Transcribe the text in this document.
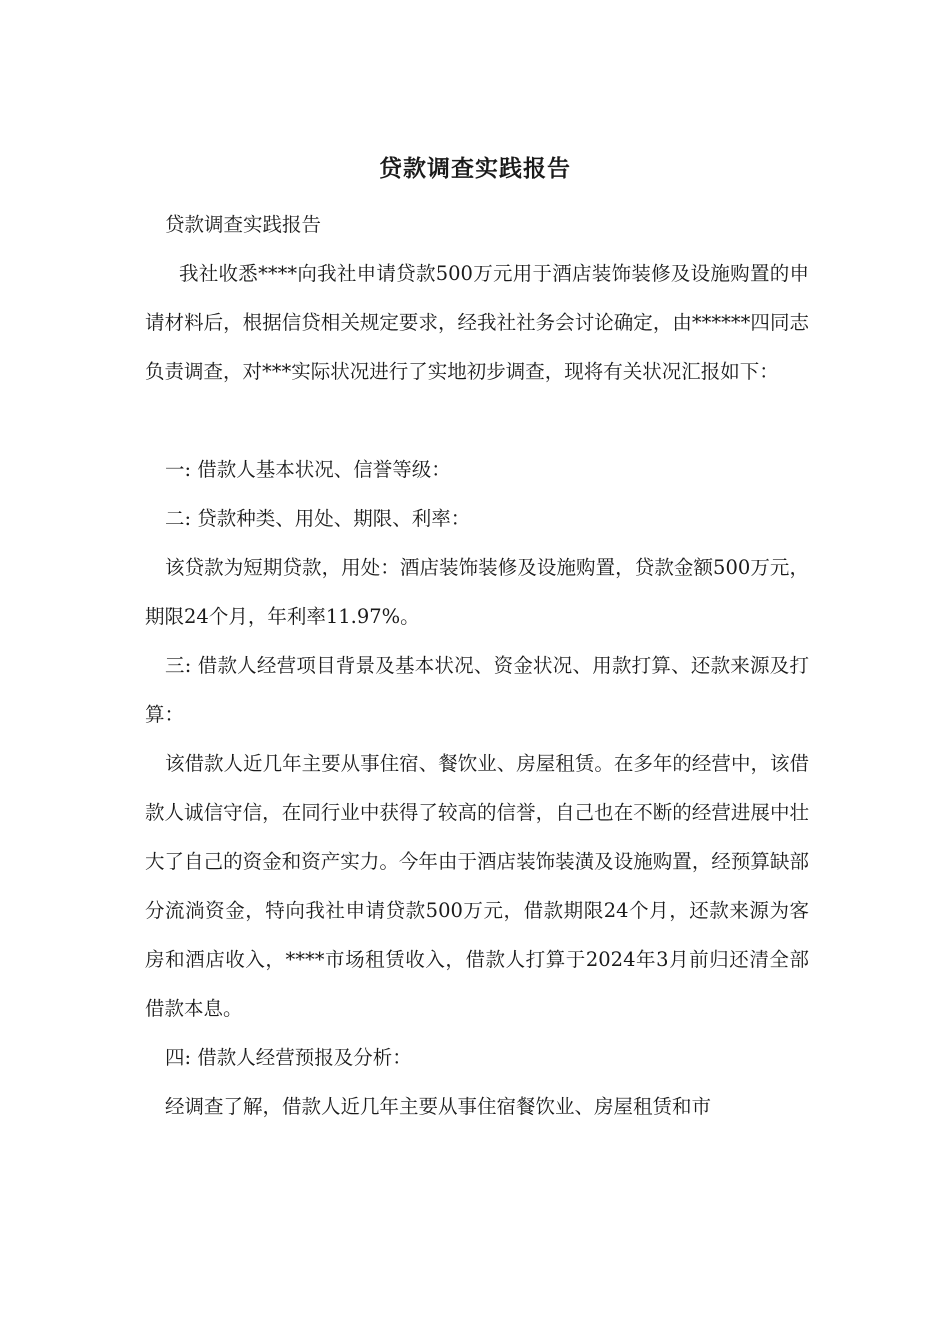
贷款调查实践报告

贷款调查实践报告

我社收悉****向我社申请贷款500万元用于酒店装饰装修及设施购置的申请材料后，根据信贷相关规定要求，经我社社务会讨论确定，由******四同志负责调查，对***实际状况进行了实地初步调查，现将有关状况汇报如下：

一: 借款人基本状况、信誉等级：

二: 贷款种类、用处、期限、利率：

该贷款为短期贷款，用处：酒店装饰装修及设施购置，贷款金额500万元，期限24个月，年利率11.97%。

三: 借款人经营项目背景及基本状况、资金状况、用款打算、还款来源及打算：

该借款人近几年主要从事住宿、餐饮业、房屋租赁。在多年的经营中，该借款人诚信守信，在同行业中获得了较高的信誉，自己也在不断的经营进展中壮大了自己的资金和资产实力。今年由于酒店装饰装潢及设施购置，经预算缺部分流淌资金，特向我社申请贷款500万元，借款期限24个月，还款来源为客房和酒店收入，****市场租赁收入，借款人打算于2024年3月前归还清全部借款本息。

四: 借款人经营预报及分析：

经调查了解，借款人近几年主要从事住宿餐饮业、房屋租赁和市
